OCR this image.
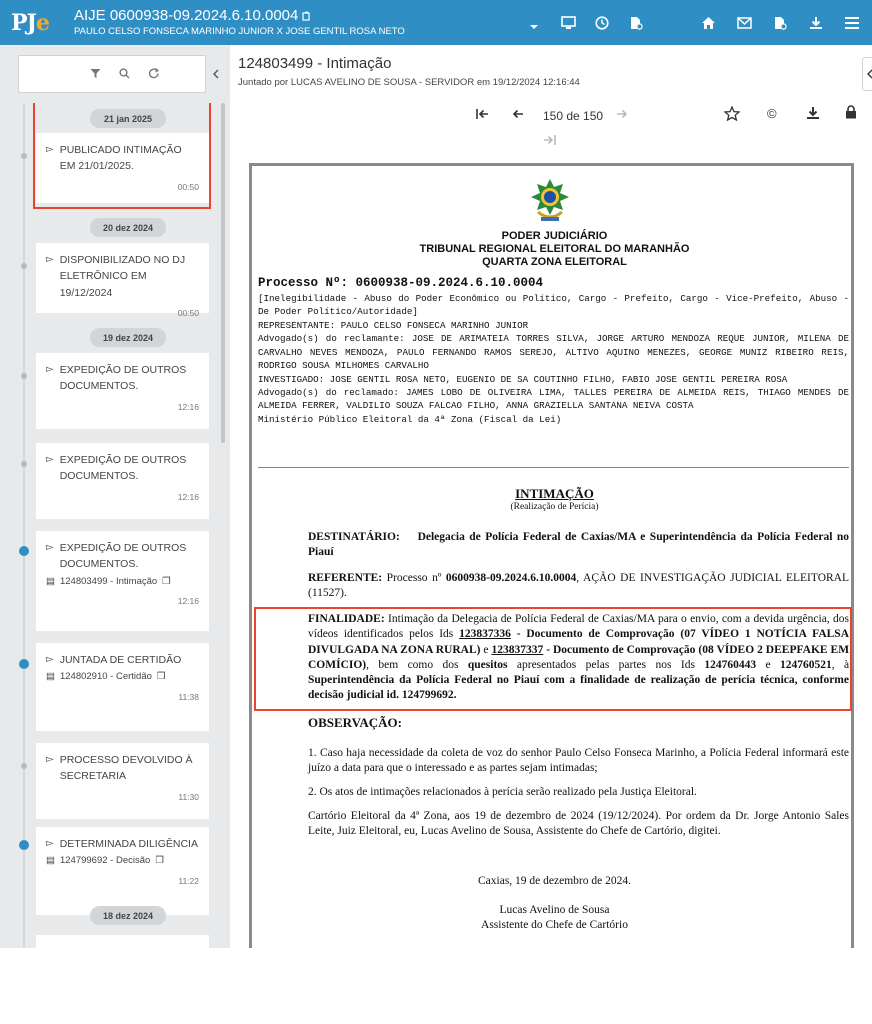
PJ e AIJE 0600938-09.2024.6.10.0004
PAULO CELSO FONSECA MARINHO JUNIOR X JOSE GENTIL ROSA NETO
21 jan 2025
▻ PUBLICADO INTIMAÇÃO EM 21/01/2025.
00:50
20 dez 2024
▻ DISPONIBILIZADO NO DJ ELETRÔNICO EM 19/12/2024
00:50
19 dez 2024
▻ EXPEDIÇÃO DE OUTROS DOCUMENTOS.
12:16
▻ EXPEDIÇÃO DE OUTROS DOCUMENTOS.
12:16
▻ EXPEDIÇÃO DE OUTROS DOCUMENTOS.
▤ 124803499 - Intimação ❒
12:16
▻ JUNTADA DE CERTIDÃO
▤ 124802910 - Certidão ❒
11:38
▻ PROCESSO DEVOLVIDO À SECRETARIA
11:30
▻ DETERMINADA DILIGÊNCIA
▤ 124799692 - Decisão ❒
11:22
18 dez 2024
124803499 - Intimação
Juntado por LUCAS AVELINO DE SOUSA - SERVIDOR em 19/12/2024 12:16:44
150 de 150	©
PODER JUDICIÁRIO
TRIBUNAL REGIONAL ELEITORAL DO MARANHÃO
QUARTA ZONA ELEITORAL
Processo Nº: 0600938-09.2024.6.10.0004
[Inelegibilidade - Abuso do Poder Econômico ou Político, Cargo - Prefeito, Cargo - Vice-Prefeito, Abuso - De Poder Político/Autoridade]
REPRESENTANTE: PAULO CELSO FONSECA MARINHO JUNIOR
Advogado(s) do reclamante: JOSE DE ARIMATEIA TORRES SILVA, JORGE ARTURO MENDOZA REQUE JUNIOR, MILENA DE CARVALHO NEVES MENDOZA, PAULO FERNANDO RAMOS SEREJO, ALTIVO AQUINO MENEZES, GEORGE MUNIZ RIBEIRO REIS, RODRIGO SOUSA MILHOMES CARVALHO
INVESTIGADO: JOSE GENTIL ROSA NETO, EUGENIO DE SA COUTINHO FILHO, FABIO JOSE GENTIL PEREIRA ROSA
Advogado(s) do reclamado: JAMES LOBO DE OLIVEIRA LIMA, TALLES PEREIRA DE ALMEIDA REIS, THIAGO MENDES DE ALMEIDA FERRER, VALDILIO SOUZA FALCAO FILHO, ANNA GRAZIELLA SANTANA NEIVA COSTA
Ministério Público Eleitoral da 4ª Zona (Fiscal da Lei)
INTIMAÇÃO
(Realização de Perícia)
DESTINATÁRIO: Delegacia de Polícia Federal de Caxias/MA e Superintendência da Polícia Federal no Piauí
REFERENTE: Processo nº 0600938-09.2024.6.10.0004, AÇÃO DE INVESTIGAÇÃO JUDICIAL ELEITORAL (11527).
FINALIDADE: Intimação da Delegacia de Polícia Federal de Caxias/MA para o envio, com a devida urgência, dos vídeos identificados pelos Ids 123837336 - Documento de Comprovação (07 VÍDEO 1 NOTÍCIA FALSA DIVULGADA NA ZONA RURAL) e 123837337 - Documento de Comprovação (08 VÍDEO 2 DEEPFAKE EM COMÍCIO), bem como dos quesitos apresentados pelas partes nos Ids 124760443 e 124760521, à Superintendência da Polícia Federal no Piauí com a finalidade de realização de perícia técnica, conforme decisão judicial id. 124799692.
OBSERVAÇÃO:
1. Caso haja necessidade da coleta de voz do senhor Paulo Celso Fonseca Marinho, a Polícia Federal informará este juízo a data para que o interessado e as partes sejam intimadas;
2. Os atos de intimações relacionados à perícia serão realizado pela Justiça Eleitoral.
Cartório Eleitoral da 4ª Zona, aos 19 de dezembro de 2024 (19/12/2024). Por ordem da Dr. Jorge Antonio Sales Leite, Juiz Eleitoral, eu, Lucas Avelino de Sousa, Assistente do Chefe de Cartório, digitei.
Caxias, 19 de dezembro de 2024.
Lucas Avelino de Sousa
Assistente do Chefe de Cartório
